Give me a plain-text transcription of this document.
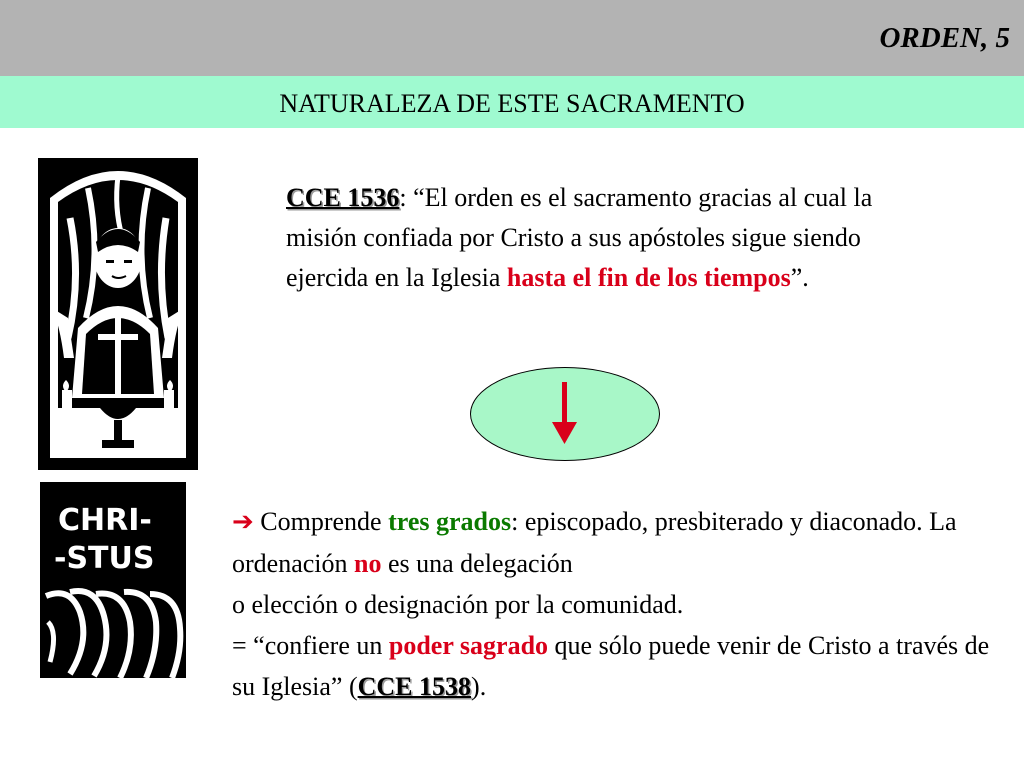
ORDEN, 5
NATURALEZA DE ESTE SACRAMENTO
CHRI-
-STUS
CCE 1536: “El orden es el sacramento gracias al cual la misión confiada por Cristo a sus apóstoles sigue siendo ejercida en la Iglesia hasta el fin de los tiempos”.
➔ Comprende tres grados: episcopado, presbiterado y diaconado. La ordenación no es una delegación
o elección o designación por la comunidad.
= “confiere un poder sagrado que sólo puede venir de Cristo a través de su Iglesia” (CCE 1538).
